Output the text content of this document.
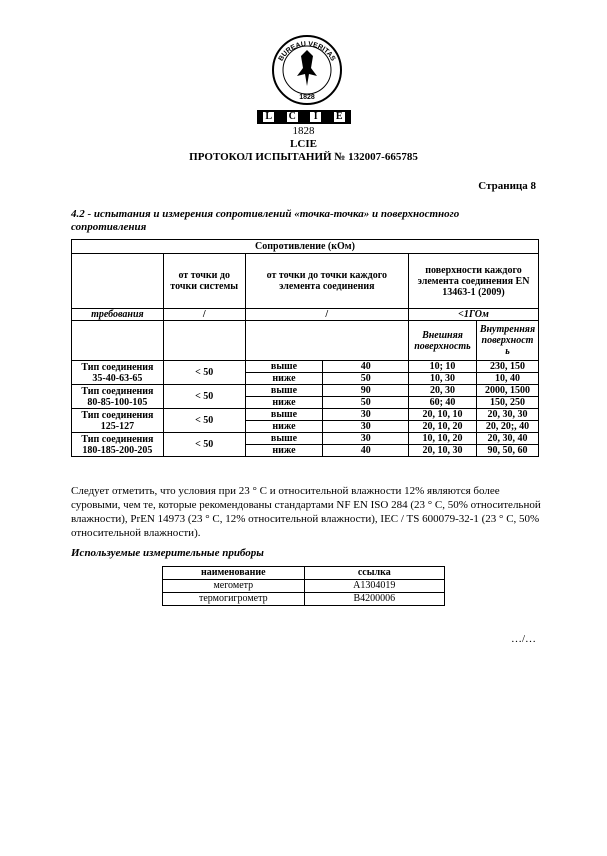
BUREAU VERITAS
1828
L C	I	E
1828
LCIE
ПРОТОКОЛ ИСПЫТАНИЙ № 132007-665785
Страница 8
4.2 - испытания и измерения сопротивлений «точка-точка» и поверхностного сопротивления
Сопротивление (кОм)					
	от точки до точки системы	от точки до точки каждого элемента соединения		поверхности каждого элемента соединения EN 13463-1 (2009)	
требования	/	/		<1ГОм	
				Внешняя поверхность	Внутренняя поверхност ь
Тип соединения 35-40-63-65	< 50	выше	40	10; 10	230, 150
		ниже	50	10, 30	10, 40
Тип соединения 80-85-100-105	< 50	выше	90	20, 30	2000, 1500
		ниже	50	60; 40	150, 250
Тип соединения 125-127	< 50	выше	30	20, 10, 10	20, 30, 30
		ниже	30	20, 10, 20	20, 20;, 40
Тип соединения 180-185-200-205	< 50	выше	30	10, 10, 20	20, 30, 40
		ниже	40	20, 10, 30	90, 50, 60
Следует отметить, что условия при 23 ° C и относительной влажности 12% являются более суровыми, чем те, которые рекомендованы стандартами NF EN ISO 284 (23 ° C, 50% относительной влажности), PrEN 14973 (23 ° C, 12% относительной влажности), IEC / TS 600079-32-1 (23 ° C, 50% относительной влажности).
Используемые измерительные приборы
наименование	ссылка
мегометр	A1304019
термогигрометр	B4200006
…/…
